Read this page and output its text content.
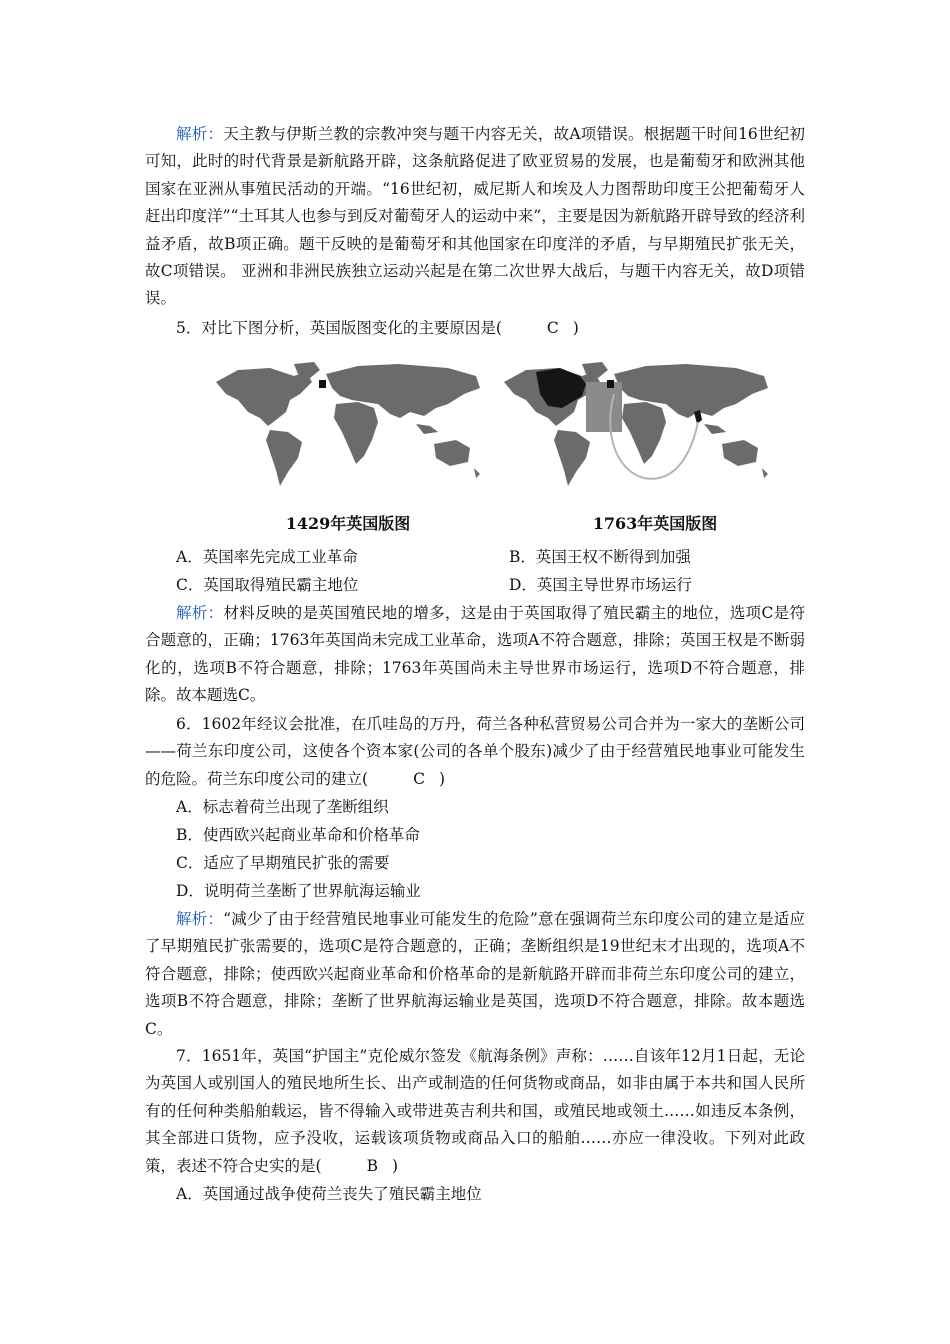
解析：天主教与伊斯兰教的宗教冲突与题干内容无关，故A项错误。根据题干时间16世纪初可知，此时的时代背景是新航路开辟，这条航路促进了欧亚贸易的发展，也是葡萄牙和欧洲其他国家在亚洲从事殖民活动的开端。“16世纪初，威尼斯人和埃及人力图帮助印度王公把葡萄牙人赶出印度洋”“土耳其人也参与到反对葡萄牙人的运动中来”，主要是因为新航路开辟导致的经济利益矛盾，故B项正确。题干反映的是葡萄牙和其他国家在印度洋的矛盾，与早期殖民扩张无关，故C项错误。 亚洲和非洲民族独立运动兴起是在第二次世界大战后，与题干内容无关，故D项错误。

5．对比下图分析，英国版图变化的主要原因是(	C )

1429年英国版图	1763年英国版图
A．英国率先完成工业革命	B．英国王权不断得到加强
C．英国取得殖民霸主地位	D．英国主导世界市场运行

解析：材料反映的是英国殖民地的增多，这是由于英国取得了殖民霸主的地位，选项C是符合题意的，正确；1763年英国尚未完成工业革命，选项A不符合题意，排除；英国王权是不断弱化的，选项B不符合题意，排除；1763年英国尚未主导世界市场运行，选项D不符合题意，排除。故本题选C。

6．1602年经议会批准，在爪哇岛的万丹，荷兰各种私营贸易公司合并为一家大的垄断公司——荷兰东印度公司，这使各个资本家(公司的各单个股东)减少了由于经营殖民地事业可能发生的危险。荷兰东印度公司的建立(	C )

A．标志着荷兰出现了垄断组织
B．使西欧兴起商业革命和价格革命
C．适应了早期殖民扩张的需要
D．说明荷兰垄断了世界航海运输业

解析：“减少了由于经营殖民地事业可能发生的危险”意在强调荷兰东印度公司的建立是适应了早期殖民扩张需要的，选项C是符合题意的，正确；垄断组织是19世纪末才出现的，选项A不符合题意，排除；使西欧兴起商业革命和价格革命的是新航路开辟而非荷兰东印度公司的建立，选项B不符合题意，排除；垄断了世界航海运输业是英国，选项D不符合题意，排除。故本题选C。

7．1651年，英国“护国主”克伦威尔签发《航海条例》声称：……自该年12月1日起，无论为英国人或别国人的殖民地所生长、出产或制造的任何货物或商品，如非由属于本共和国人民所有的任何种类船舶载运，皆不得输入或带进英吉利共和国，或殖民地或领土……如违反本条例，其全部进口货物，应予没收，运载该项货物或商品入口的船舶……亦应一律没收。下列对此政策，表述不符合史实的是(	B )

A．英国通过战争使荷兰丧失了殖民霸主地位
